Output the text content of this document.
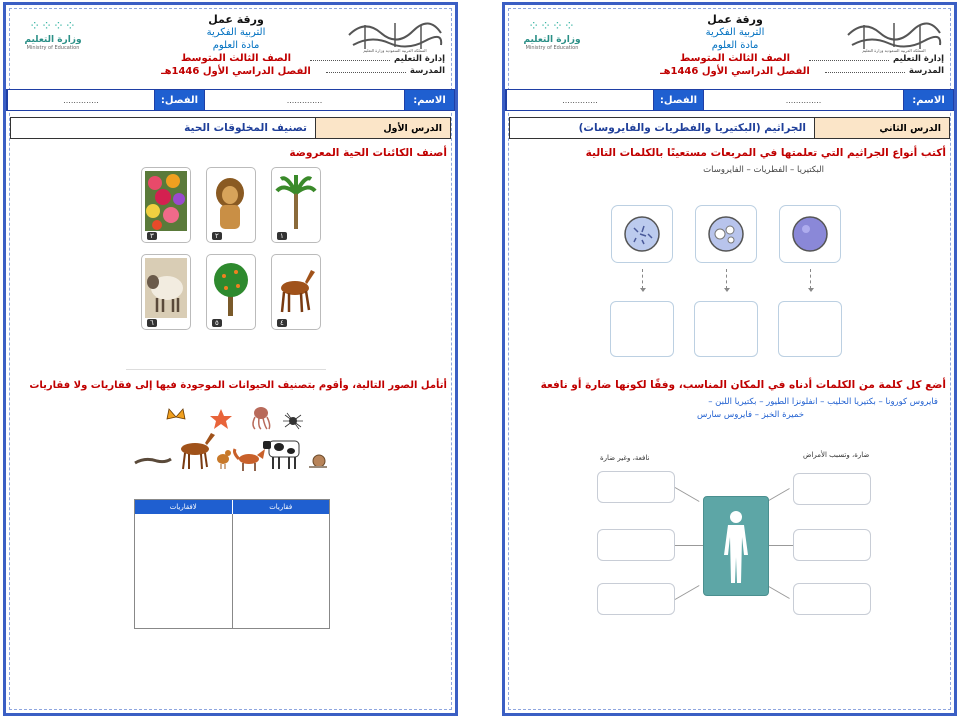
المملكة العربية السعودية وزارة التعليم
إدارة التعليم
المدرسة
ورقة عمل
التربية الفكرية
مادة العلوم
الصف الثالث المتوسط
الفصل الدراسي الأول 1446هـ
⁘⁘⁘⁘
وزارة التعليم
Ministry of Education
الاسم:
..............
الفصل:
..............
الدرس الأول
تصنيف المخلوقات الحية
أصنف الكائنات الحية المعروضة
١
٢
٣
٤
٥
٦
أتأمل الصور التالية، وأقوم بتصنيف الحيوانات الموجودة فيها إلى فقاريات ولا فقاريات
لافقاريات	فقاريات
المملكة العربية السعودية وزارة التعليم
إدارة التعليم
المدرسة
ورقة عمل
التربية الفكرية
مادة العلوم
الصف الثالث المتوسط
الفصل الدراسي الأول 1446هـ
⁘⁘⁘⁘
وزارة التعليم
Ministry of Education
الاسم:
..............
الفصل:
..............
الدرس الثاني
الجراثيم (البكتيريا والفطريات والفايروسات)
أكتب أنواع الجراثيم التي تعلمتها في المربعات مستعينًا بالكلمات التالية
البكتيريا – الفطريات – الفايروسات
أضع كل كلمة من الكلمات أدناه في المكان المناسب، وفقًا لكونها ضارة أو نافعة
فايروس كورونا – بكتيريا الحليب – انفلونزا الطيور – بكتيريا اللبن –
خميرة الخبز – فايروس سارس
ضارة، وتسبب الأمراض
نافعة، وغير ضارة
